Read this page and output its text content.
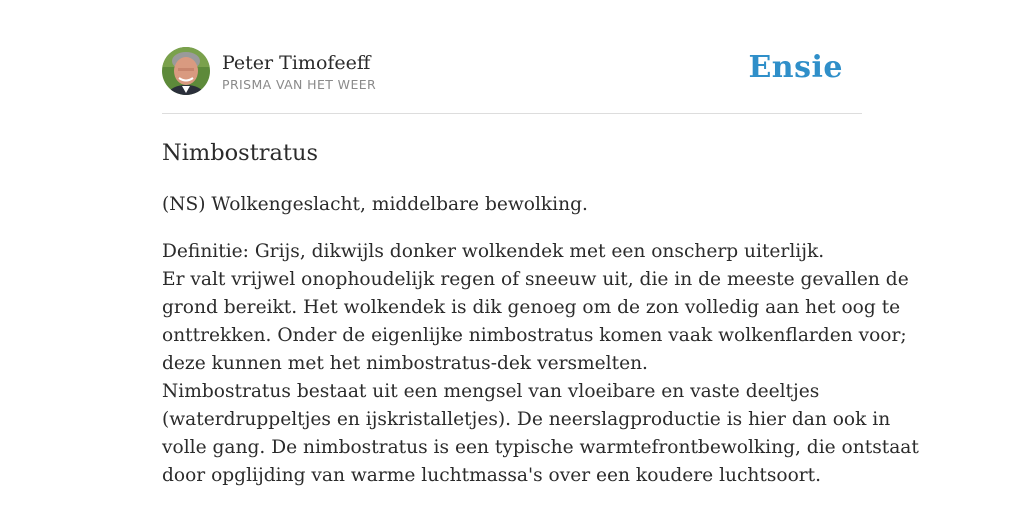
Peter Timofeeff
PRISMA VAN HET WEER	Ensie
Nimbostratus

(NS) Wolkengeslacht, middelbare bewolking.

Definitie: Grijs, dikwijls donker wolkendek met een onscherp uiterlijk.
Er valt vrijwel onophoudelijk regen of sneeuw uit, die in de meeste gevallen de
grond bereikt. Het wolkendek is dik genoeg om de zon volledig aan het oog te
onttrekken. Onder de eigenlijke nimbostratus komen vaak wolkenflarden voor;
deze kunnen met het nimbostratus-dek versmelten.
Nimbostratus bestaat uit een mengsel van vloeibare en vaste deeltjes
(waterdruppeltjes en ijskristalletjes). De neerslagproductie is hier dan ook in
volle gang. De nimbostratus is een typische warmtefrontbewolking, die ontstaat
door opglijding van warme luchtmassa's over een koudere luchtsoort.
